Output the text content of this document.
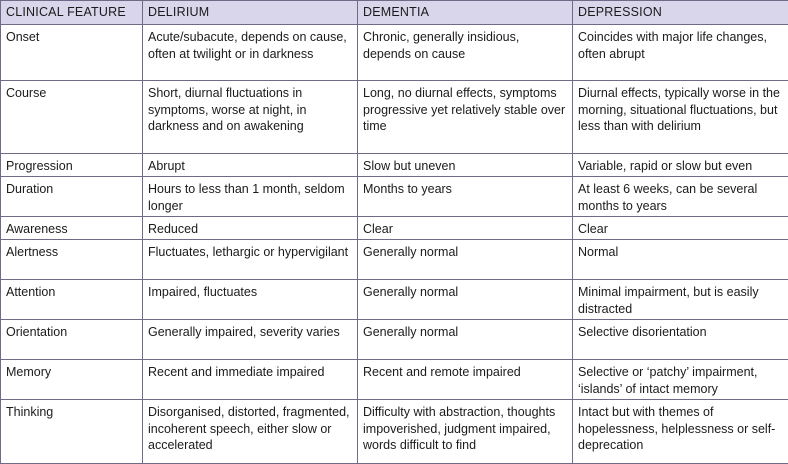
CLINICAL FEATURE	DELIRIUM	DEMENTIA	DEPRESSION
Onset	Acute/subacute, depends on cause, often at twilight or in darkness	Chronic, generally insidious, depends on cause	Coincides with major life changes, often abrupt
Course	Short, diurnal fluctuations in symptoms, worse at night, in darkness and on awakening	Long, no diurnal effects, symptoms progressive yet relatively stable over time	Diurnal effects, typically worse in the morning, situational fluctuations, but less than with delirium
Progression	Abrupt	Slow but uneven	Variable, rapid or slow but even
Duration	Hours to less than 1 month, seldom longer	Months to years	At least 6 weeks, can be several months to years
Awareness	Reduced	Clear	Clear
Alertness	Fluctuates, lethargic or hypervigilant	Generally normal	Normal
Attention	Impaired, fluctuates	Generally normal	Minimal impairment, but is easily distracted
Orientation	Generally impaired, severity varies	Generally normal	Selective disorientation
Memory	Recent and immediate impaired	Recent and remote impaired	Selective or ‘patchy’ impairment, ‘islands’ of intact memory
Thinking	Disorganised, distorted, fragmented, incoherent speech, either slow or accelerated	Difficulty with abstraction, thoughts impoverished, judgment impaired, words difficult to find	Intact but with themes of hopelessness, helplessness or self-deprecation
